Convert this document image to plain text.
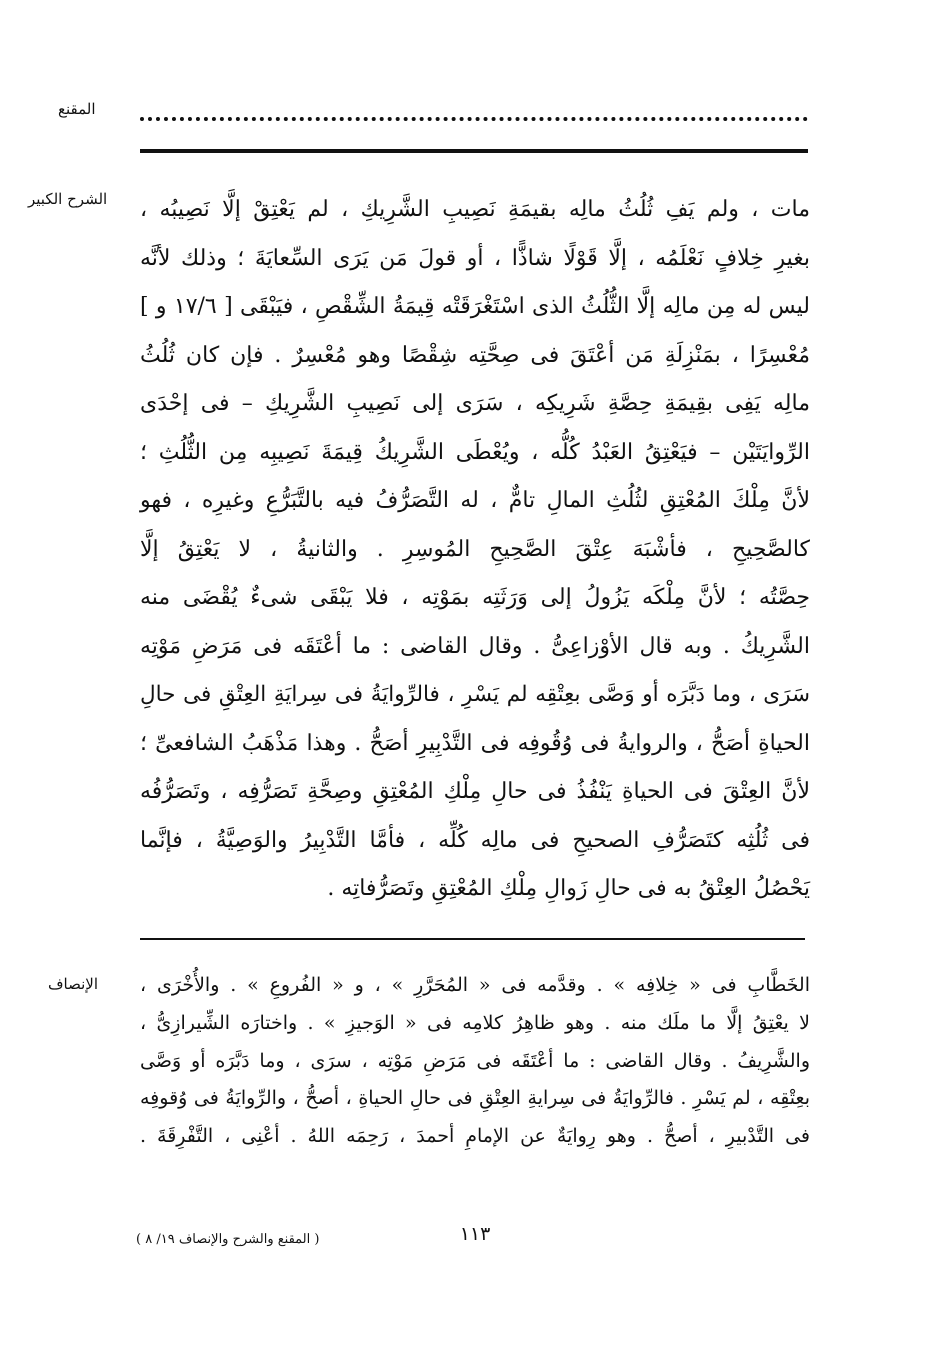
المقنع
الشرح الكبير مات ، ولم يَفِ ثُلُثُ مالِه بقيمَةِ نَصِيبِ الشَّرِيكِ ، لم يَعْتِقْ إلَّا نَصِيبُه ،
بغيرِ خِلافٍ نَعْلَمُه ، إلَّا قَوْلًا شاذًّا ، أو قولَ مَن يَرَى السِّعايَةَ ؛ وذلك لأنَّه
ليس له مِن مالِه إلَّا الثُّلُثُ الذى اسْتَغْرَقَتْه قِيمَةُ الشِّقْصِ ، فيَبْقَى [ ١٧/٦ و ]
مُعْسِرًا ، بمَنْزِلَةِ مَن أعْتَقَ فى صِحَّتِه شِقْصًا وهو مُعْسِرٌ . فإن كان ثُلُثُ
مالِه يَفِى بقِيمَةِ حِصَّةِ شَرِيكِه ، سَرَى إلى نَصِيبِ الشَّرِيكِ – فى إحْدَى
الرِّوايَتَيْن – فيَعْتِقُ العَبْدُ كُلُّه ، ويُعْطَى الشَّرِيكُ قِيمَةَ نَصِيبِه مِن الثُّلُثِ ؛
لأنَّ مِلْكَ المُعْتِقِ لثُلُثِ المالِ تامٌّ ، له التَّصَرُّفُ فيه بالتَّبَرُّعِ وغيرِه ، فهو
كالصَّحِيحِ ، فأشْبَهَ عِتْقَ الصَّحِيحِ المُوسِرِ . والثانيةُ ، لا يَعْتِقُ إلَّا
حِصَّتُه ؛ لأنَّ مِلْكَه يَزُولُ إلى وَرَثَتِه بمَوْتِه ، فلا يَبْقَى شىءٌ يُقْضَى منه
الشَّرِيكُ . وبه قال الأوْزاعِىُّ . وقال القاضى : ما أعْتَقَه فى مَرَضِ مَوْتِه
سَرَى ، وما دَبَّرَه أو وَصَّى بعِتْقِه لم يَسْرِ ، فالرِّوايَةُ فى سِرايَةِ العِتْقِ فى حالِ
الحياةِ أصَحُّ ، والروايةُ فى وُقُوفِه فى التَّدْبِيرِ أصَحُّ . وهذا مَذْهَبُ الشافعىِّ ؛
لأنَّ العِتْقَ فى الحياةِ يَنْفُذُ فى حالِ مِلْكِ المُعْتِقِ وصِحَّةِ تَصَرُّفِه ، وتَصَرُّفُه
فى ثُلُثِه كتَصَرُّفِ الصحيحِ فى مالِه كُلِّه ، فأمَّا التَّدْبِيرُ والوَصِيَّةُ ، فإنَّما
يَحْصُلُ العِتْقُ به فى حالِ زَوالِ مِلْكِ المُعْتِقِ وتَصَرُّفاتِه .
الإنصاف الخَطَّابِ فى « خِلافِه » . وقدَّمه فى « المُحَرَّرِ » ، و « الفُروعِ » . والأُخْرَى ،
لا يعْتِقُ إلَّا ما ملَك منه . وهو ظاهِرُ كلامِه فى « الوَجيزِ » . واختارَه الشِّيرازِىُّ ،
والشَّرِيفُ . وقال القاضى : ما أعْتَقَه فى مَرَضِ مَوْتِه ، سرَى ، وما دَبَّرَه أو وَصَّى
بعِتْقِه ، لم يَسْرِ . فالرِّوايَةُ فى سِرايةِ العِتْقِ فى حالِ الحياةِ ، أصحُّ ، والرِّوايَةُ فى وُقوفِه
فى التَّدْبيرِ ، أصحُّ . وهو رِوايَةٌ عن الإمامِ أحمدَ ، رَحِمَه اللهُ . أعْنِى ، التَّفْرِقَةَ .
١١٣
( المقنع والشرح والإنصاف ١٩/ ٨ )
